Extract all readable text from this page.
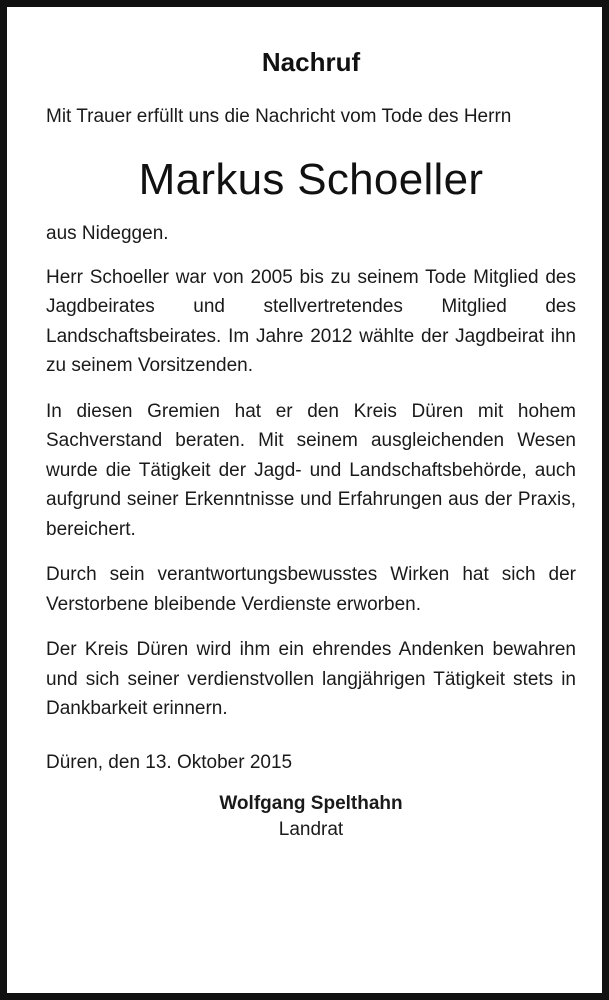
Nachruf

Mit Trauer erfüllt uns die Nachricht vom Tode des Herrn

Markus Schoeller

aus Nideggen.

Herr Schoeller war von 2005 bis zu seinem Tode Mitglied des Jagdbeirates und stellvertretendes Mitglied des Landschaftsbeirates. Im Jahre 2012 wählte der Jagdbeirat ihn zu seinem Vorsitzenden.

In diesen Gremien hat er den Kreis Düren mit hohem Sachverstand beraten. Mit seinem ausgleichenden Wesen wurde die Tätigkeit der Jagd- und Landschaftsbehörde, auch aufgrund seiner Erkenntnisse und Erfahrungen aus der Praxis, bereichert.

Durch sein verantwortungsbewusstes Wirken hat sich der Verstorbene bleibende Verdienste erworben.

Der Kreis Düren wird ihm ein ehrendes Andenken bewahren und sich seiner verdienstvollen langjährigen Tätigkeit stets in Dankbarkeit erinnern.

Düren, den 13. Oktober 2015

Wolfgang Spelthahn

Landrat
